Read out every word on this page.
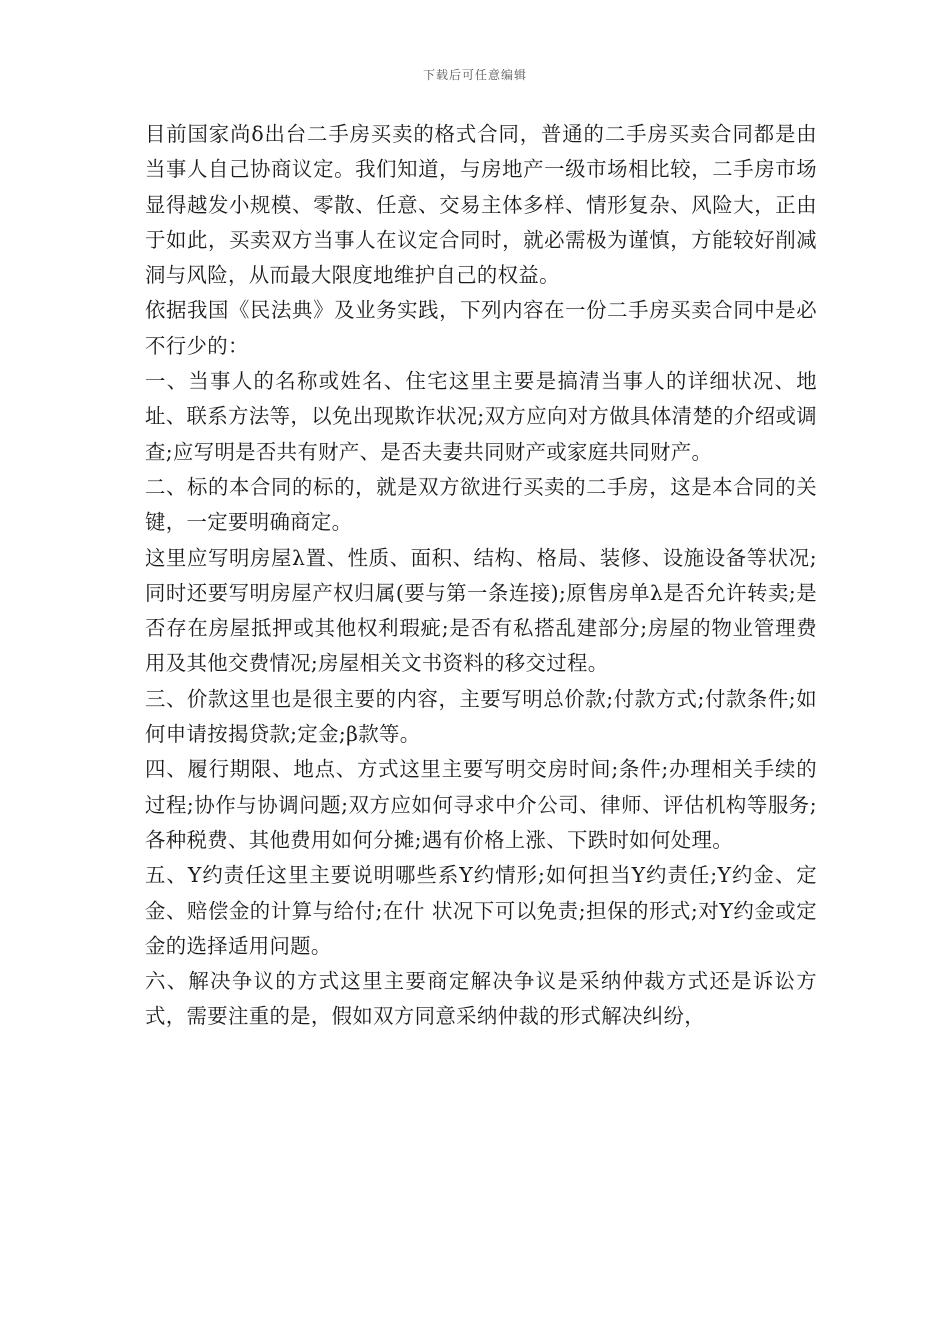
下载后可任意编辑

目前国家尚δ出台二手房买卖的格式合同，普通的二手房买卖合同都是由当事人自己协商议定。我们知道，与房地产一级市场相比较，二手房市场显得越发小规模、零散、任意、交易主体多样、情形复杂、风险大，正由于如此，买卖双方当事人在议定合同时，就必需极为谨慎，方能较好削减 洞与风险，从而最大限度地维护自己的权益。

依据我国《民法典》及业务实践，下列内容在一份二手房买卖合同中是必不行少的：

一、当事人的名称或姓名、住宅这里主要是搞清当事人的详细状况、地址、联系方法等，以免出现欺诈状况;双方应向对方做具体清楚的介绍或调查;应写明是否共有财产、是否夫妻共同财产或家庭共同财产。

二、标的本合同的标的，就是双方欲进行买卖的二手房，这是本合同的关键，一定要明确商定。

这里应写明房屋λ置、性质、面积、结构、格局、装修、设施设备等状况;同时还要写明房屋产权归属(要与第一条连接);原售房单λ是否允许转卖;是否存在房屋抵押或其他权利瑕疵;是否有私搭乱建部分;房屋的物业管理费用及其他交费情况;房屋相关文书资料的移交过程。

三、价款这里也是很主要的内容，主要写明总价款;付款方式;付款条件;如何申请按揭贷款;定金;β款等。

四、履行期限、地点、方式这里主要写明交房时间;条件;办理相关手续的过程;协作与协调问题;双方应如何寻求中介公司、律师、评估机构等服务;各种税费、其他费用如何分摊;遇有价格上涨、下跌时如何处理。

五、Y约责任这里主要说明哪些系Y约情形;如何担当Y约责任;Y约金、定金、赔偿金的计算与给付;在什 状况下可以免责;担保的形式;对Y约金或定金的选择适用问题。

六、解决争议的方式这里主要商定解决争议是采纳仲裁方式还是诉讼方式，需要注重的是，假如双方同意采纳仲裁的形式解决纠纷，
